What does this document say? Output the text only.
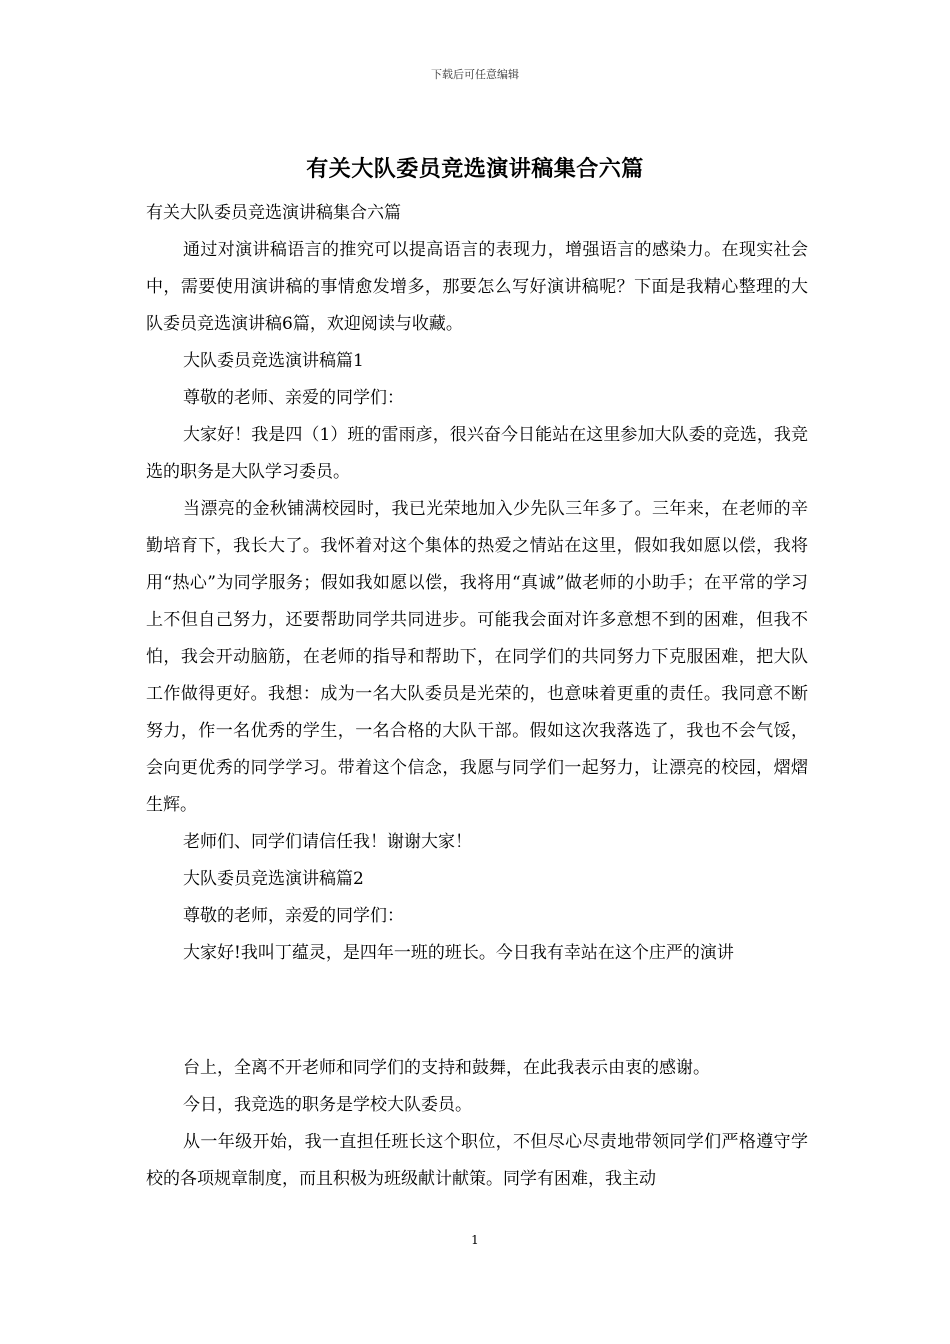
下载后可任意编辑
有关大队委员竞选演讲稿集合六篇

有关大队委员竞选演讲稿集合六篇

通过对演讲稿语言的推究可以提高语言的表现力，增强语言的感染力。在现实社会中，需要使用演讲稿的事情愈发增多，那要怎么写好演讲稿呢？下面是我精心整理的大队委员竞选演讲稿6篇，欢迎阅读与收藏。

大队委员竞选演讲稿篇1

尊敬的老师、亲爱的同学们：

大家好！我是四（1）班的雷雨彦，很兴奋今日能站在这里参加大队委的竞选，我竞选的职务是大队学习委员。

当漂亮的金秋铺满校园时，我已光荣地加入少先队三年多了。三年来，在老师的辛勤培育下，我长大了。我怀着对这个集体的热爱之情站在这里，假如我如愿以偿，我将用“热心”为同学服务；假如我如愿以偿，我将用“真诚”做老师的小助手；在平常的学习上不但自己努力，还要帮助同学共同进步。可能我会面对许多意想不到的困难，但我不怕，我会开动脑筋，在老师的指导和帮助下，在同学们的共同努力下克服困难，把大队工作做得更好。我想：成为一名大队委员是光荣的，也意味着更重的责任。我同意不断努力，作一名优秀的学生，一名合格的大队干部。假如这次我落选了，我也不会气馁，会向更优秀的同学学习。带着这个信念，我愿与同学们一起努力，让漂亮的校园，熠熠生辉。

老师们、同学们请信任我！谢谢大家！

大队委员竞选演讲稿篇2

尊敬的老师，亲爱的同学们：

大家好!我叫丁蕴灵，是四年一班的班长。今日我有幸站在这个庄严的演讲

台上，全离不开老师和同学们的支持和鼓舞，在此我表示由衷的感谢。

今日，我竞选的职务是学校大队委员。

从一年级开始，我一直担任班长这个职位，不但尽心尽责地带领同学们严格遵守学校的各项规章制度，而且积极为班级献计献策。同学有困难，我主动

1
